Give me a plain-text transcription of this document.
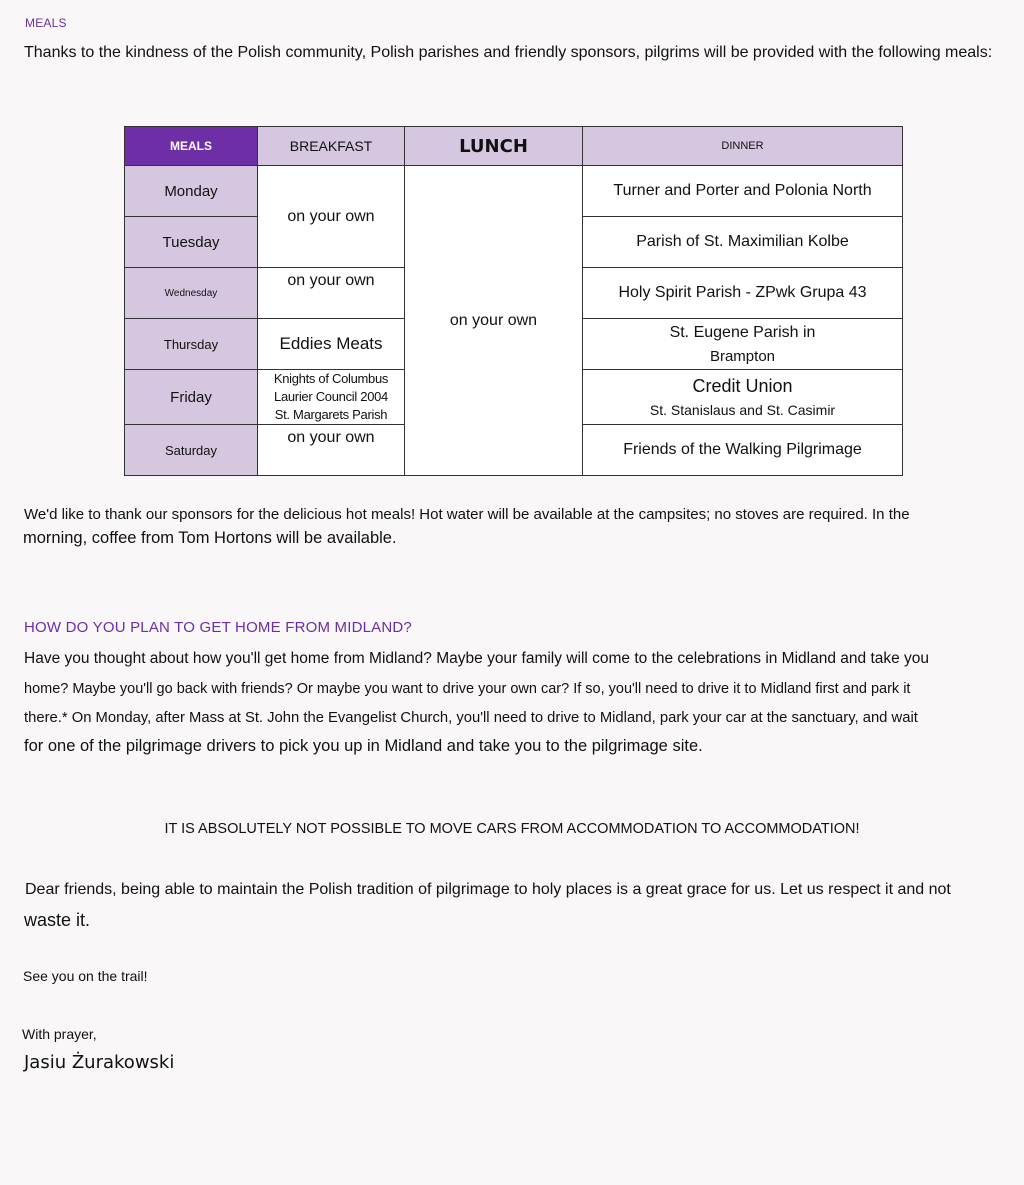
MEALS
Thanks to the kindness of the Polish community, Polish parishes and friendly sponsors, pilgrims will be provided with the following meals:
MEALS	BREAKFAST	LUNCH	DINNER
Monday	on your own	on your own	Turner and Porter and Polonia North
Tuesday			Parish of St. Maximilian Kolbe
Wednesday	on your own		Holy Spirit Parish - ZPwk Grupa 43
Thursday	Eddies Meats		St. Eugene Parish in
Brampton

Friday	Knights of Columbus
Laurier Council 2004
St. Margarets Parish		Credit Union
St. Stanislaus and St. Casimir

Saturday	on your own		Friends of the Walking Pilgrimage
We'd like to thank our sponsors for the delicious hot meals! Hot water will be available at the campsites; no stoves are required. In the
morning, coffee from Tom Hortons will be available.
HOW DO YOU PLAN TO GET HOME FROM MIDLAND?
Have you thought about how you'll get home from Midland? Maybe your family will come to the celebrations in Midland and take you
home? Maybe you'll go back with friends? Or maybe you want to drive your own car? If so, you'll need to drive it to Midland first and park it
there.* On Monday, after Mass at St. John the Evangelist Church, you'll need to drive to Midland, park your car at the sanctuary, and wait
for one of the pilgrimage drivers to pick you up in Midland and take you to the pilgrimage site.
IT IS ABSOLUTELY NOT POSSIBLE TO MOVE CARS FROM ACCOMMODATION TO ACCOMMODATION!
Dear friends, being able to maintain the Polish tradition of pilgrimage to holy places is a great grace for us. Let us respect it and not
waste it.
See you on the trail!
With prayer,
Jasiu Żurakowski
